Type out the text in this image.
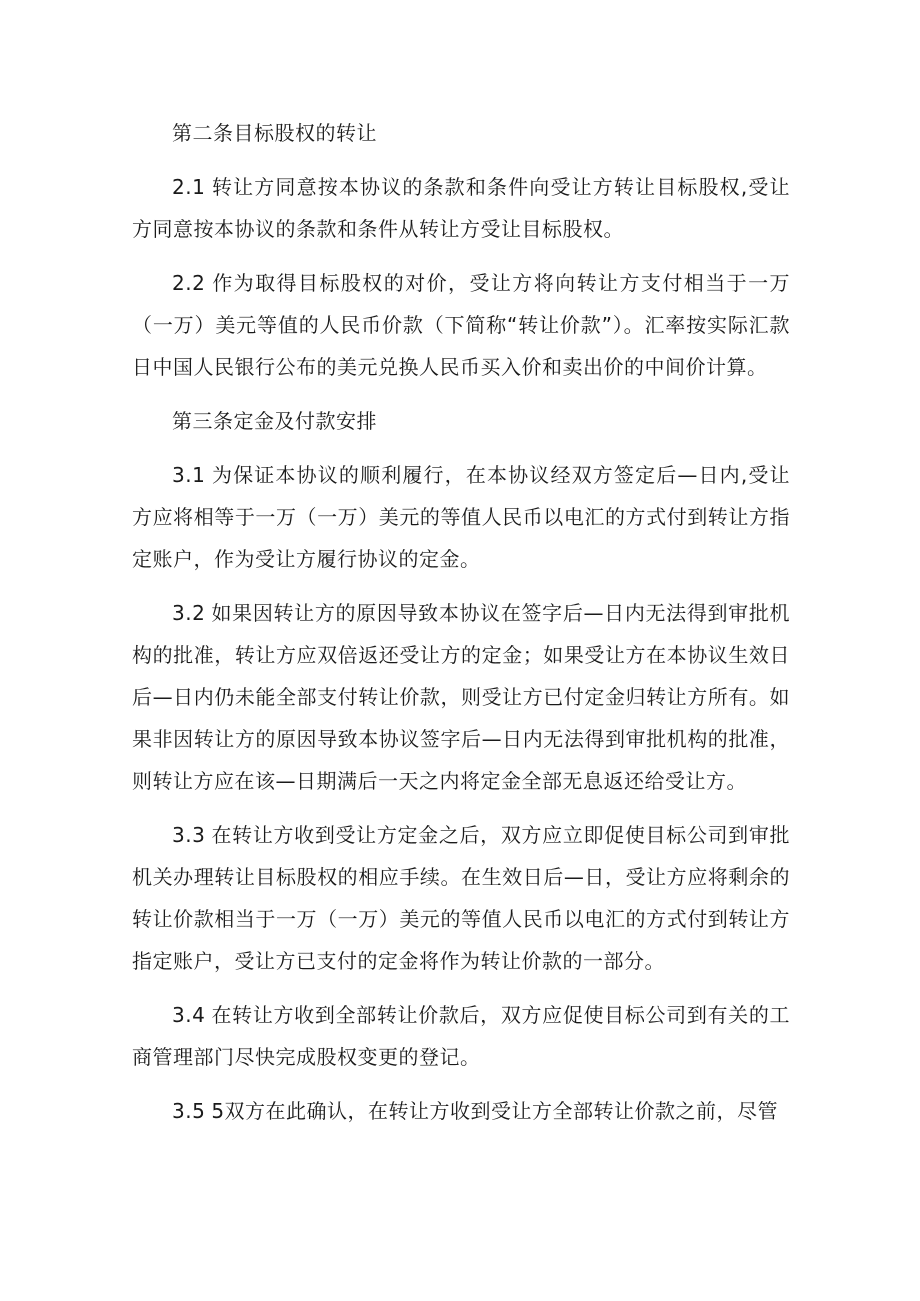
第二条目标股权的转让

2.1 转让方同意按本协议的条款和条件向受让方转让目标股权,受让方同意按本协议的条款和条件从转让方受让目标股权。

2.2 作为取得目标股权的对价，受让方将向转让方支付相当于一万（一万）美元等值的人民币价款（下简称“转让价款”）。汇率按实际汇款日中国人民银行公布的美元兑换人民币买入价和卖出价的中间价计算。

第三条定金及付款安排

3.1 为保证本协议的顺利履行，在本协议经双方签定后—日内,受让方应将相等于一万（一万）美元的等值人民币以电汇的方式付到转让方指定账户，作为受让方履行协议的定金。

3.2 如果因转让方的原因导致本协议在签字后—日内无法得到审批机构的批准，转让方应双倍返还受让方的定金；如果受让方在本协议生效日后—日内仍未能全部支付转让价款，则受让方已付定金归转让方所有。如果非因转让方的原因导致本协议签字后—日内无法得到审批机构的批准，则转让方应在该—日期满后一天之内将定金全部无息返还给受让方。

3.3 在转让方收到受让方定金之后，双方应立即促使目标公司到审批机关办理转让目标股权的相应手续。在生效日后—日，受让方应将剩余的转让价款相当于一万（一万）美元的等值人民币以电汇的方式付到转让方指定账户，受让方已支付的定金将作为转让价款的一部分。

3.4 在转让方收到全部转让价款后，双方应促使目标公司到有关的工商管理部门尽快完成股权变更的登记。

3.5 5双方在此确认，在转让方收到受让方全部转让价款之前，尽管
